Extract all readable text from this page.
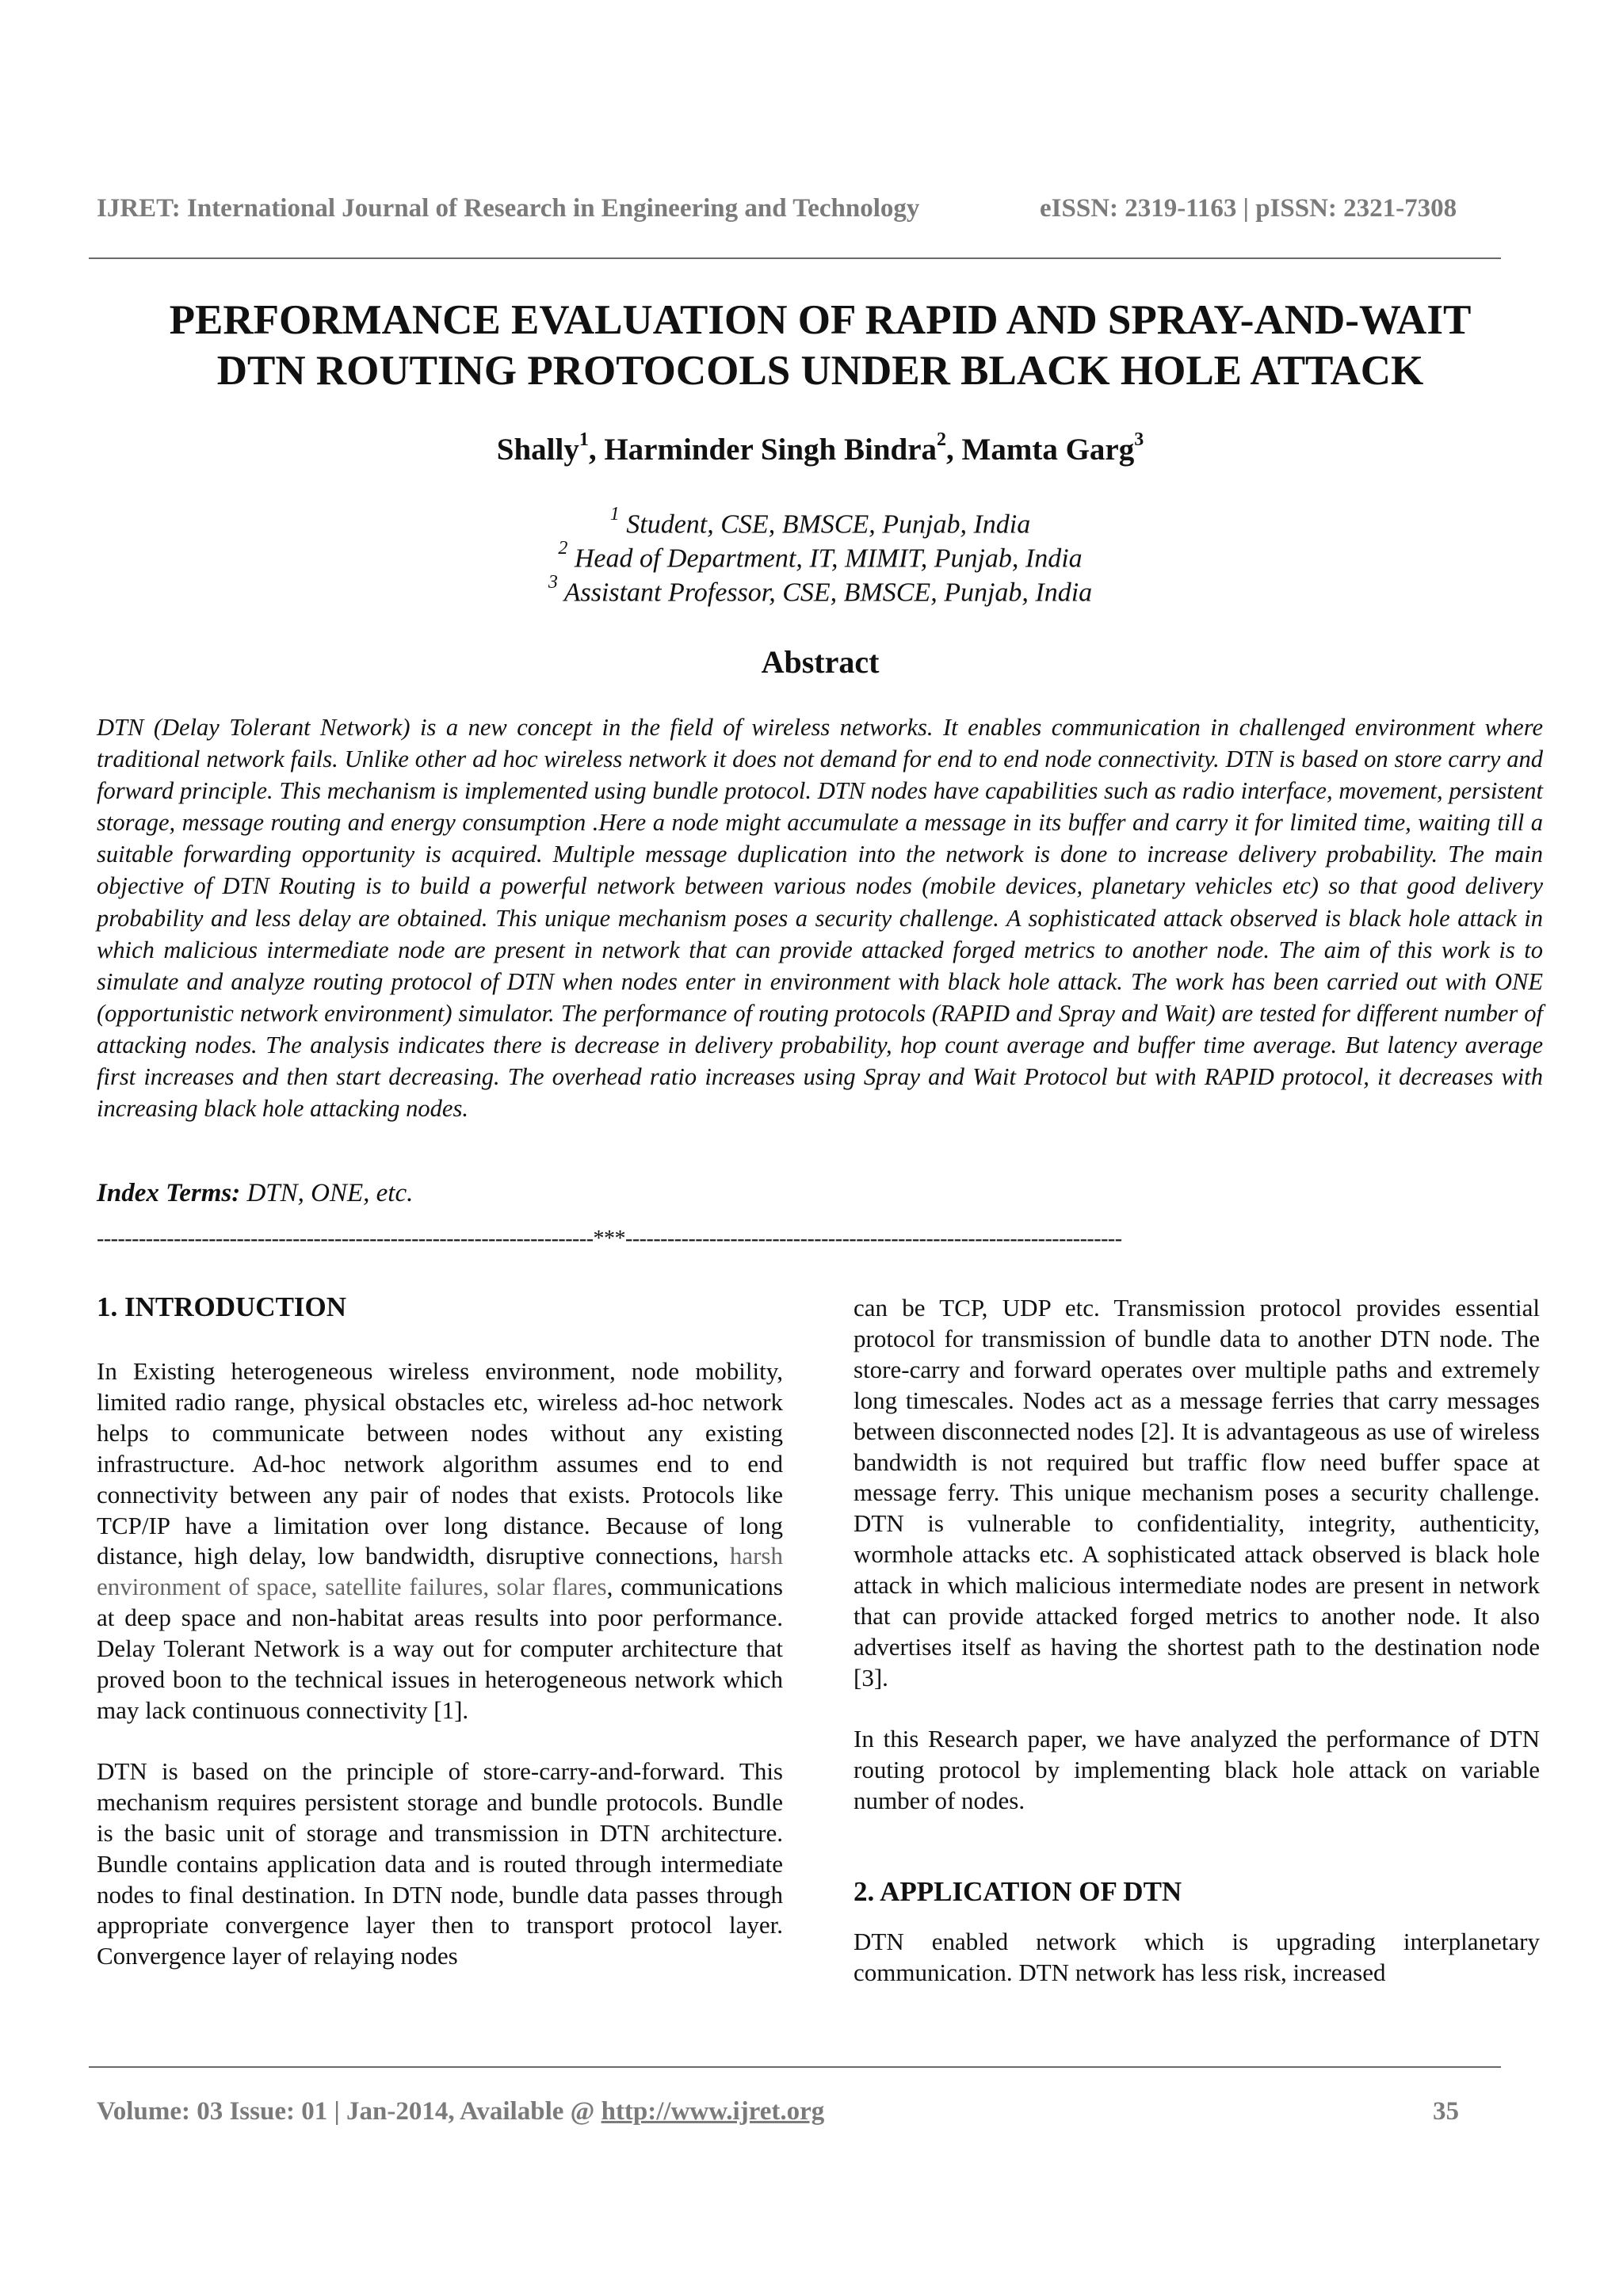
IJRET: International Journal of Research in Engineering and Technology	eISSN: 2319-1163 | pISSN: 2321-7308
PERFORMANCE EVALUATION OF RAPID AND SPRAY-AND-WAIT
DTN ROUTING PROTOCOLS UNDER BLACK HOLE ATTACK
Shally$^1$, Harminder Singh Bindra$^2$, Mamta Garg$^3$
$^1$ Student, CSE, BMSCE, Punjab, India
$^2$ Head of Department, IT, MIMIT, Punjab, India
$^3$ Assistant Professor, CSE, BMSCE, Punjab, India
Abstract
DTN (Delay Tolerant Network) is a new concept in the field of wireless networks. It enables communication in challenged environment where traditional network fails. Unlike other ad hoc wireless network it does not demand for end to end node connectivity. DTN is based on store carry and forward principle. This mechanism is implemented using bundle protocol. DTN nodes have capabilities such as radio interface, movement, persistent storage, message routing and energy consumption .Here a node might accumulate a message in its buffer and carry it for limited time, waiting till a suitable forwarding opportunity is acquired. Multiple message duplication into the network is done to increase delivery probability. The main objective of DTN Routing is to build a powerful network between various nodes (mobile devices, planetary vehicles etc) so that good delivery probability and less delay are obtained. This unique mechanism poses a security challenge. A sophisticated attack observed is black hole attack in which malicious intermediate node are present in network that can provide attacked forged metrics to another node. The aim of this work is to simulate and analyze routing protocol of DTN when nodes enter in environment with black hole attack. The work has been carried out with ONE (opportunistic network environment) simulator. The performance of routing protocols (RAPID and Spray and Wait) are tested for different number of attacking nodes. The analysis indicates there is decrease in delivery probability, hop count average and buffer time average. But latency average first increases and then start decreasing. The overhead ratio increases using Spray and Wait Protocol but with RAPID protocol, it decreases with increasing black hole attacking nodes.
Index Terms: DTN, ONE, etc.
-----------------------------------------------------------------------***-----------------------------------------------------------------------
1. INTRODUCTION

In Existing heterogeneous wireless environment, node mobility, limited radio range, physical obstacles etc, wireless ad-hoc network helps to communicate between nodes without any existing infrastructure. Ad-hoc network algorithm assumes end to end connectivity between any pair of nodes that exists. Protocols like TCP/IP have a limitation over long distance. Because of long distance, high delay, low bandwidth, disruptive connections, harsh environment of space, satellite failures, solar flares, communications at deep space and non-habitat areas results into poor performance. Delay Tolerant Network is a way out for computer architecture that proved boon to the technical issues in heterogeneous network which may lack continuous connectivity [1].

DTN is based on the principle of store-carry-and-forward. This mechanism requires persistent storage and bundle protocols. Bundle is the basic unit of storage and transmission in DTN architecture. Bundle contains application data and is routed through intermediate nodes to final destination. In DTN node, bundle data passes through appropriate convergence layer then to transport protocol layer. Convergence layer of relaying nodes

can be TCP, UDP etc. Transmission protocol provides essential protocol for transmission of bundle data to another DTN node. The store-carry and forward operates over multiple paths and extremely long timescales. Nodes act as a message ferries that carry messages between disconnected nodes [2]. It is advantageous as use of wireless bandwidth is not required but traffic flow need buffer space at message ferry. This unique mechanism poses a security challenge. DTN is vulnerable to confidentiality, integrity, authenticity, wormhole attacks etc. A sophisticated attack observed is black hole attack in which malicious intermediate nodes are present in network that can provide attacked forged metrics to another node. It also advertises itself as having the shortest path to the destination node [3].

In this Research paper, we have analyzed the performance of DTN routing protocol by implementing black hole attack on variable number of nodes.

2. APPLICATION OF DTN
DTN enabled network which is upgrading interplanetary communication. DTN network has less risk, increased
Volume: 03 Issue: 01 | Jan-2014, Available @ http://www.ijret.org	35
